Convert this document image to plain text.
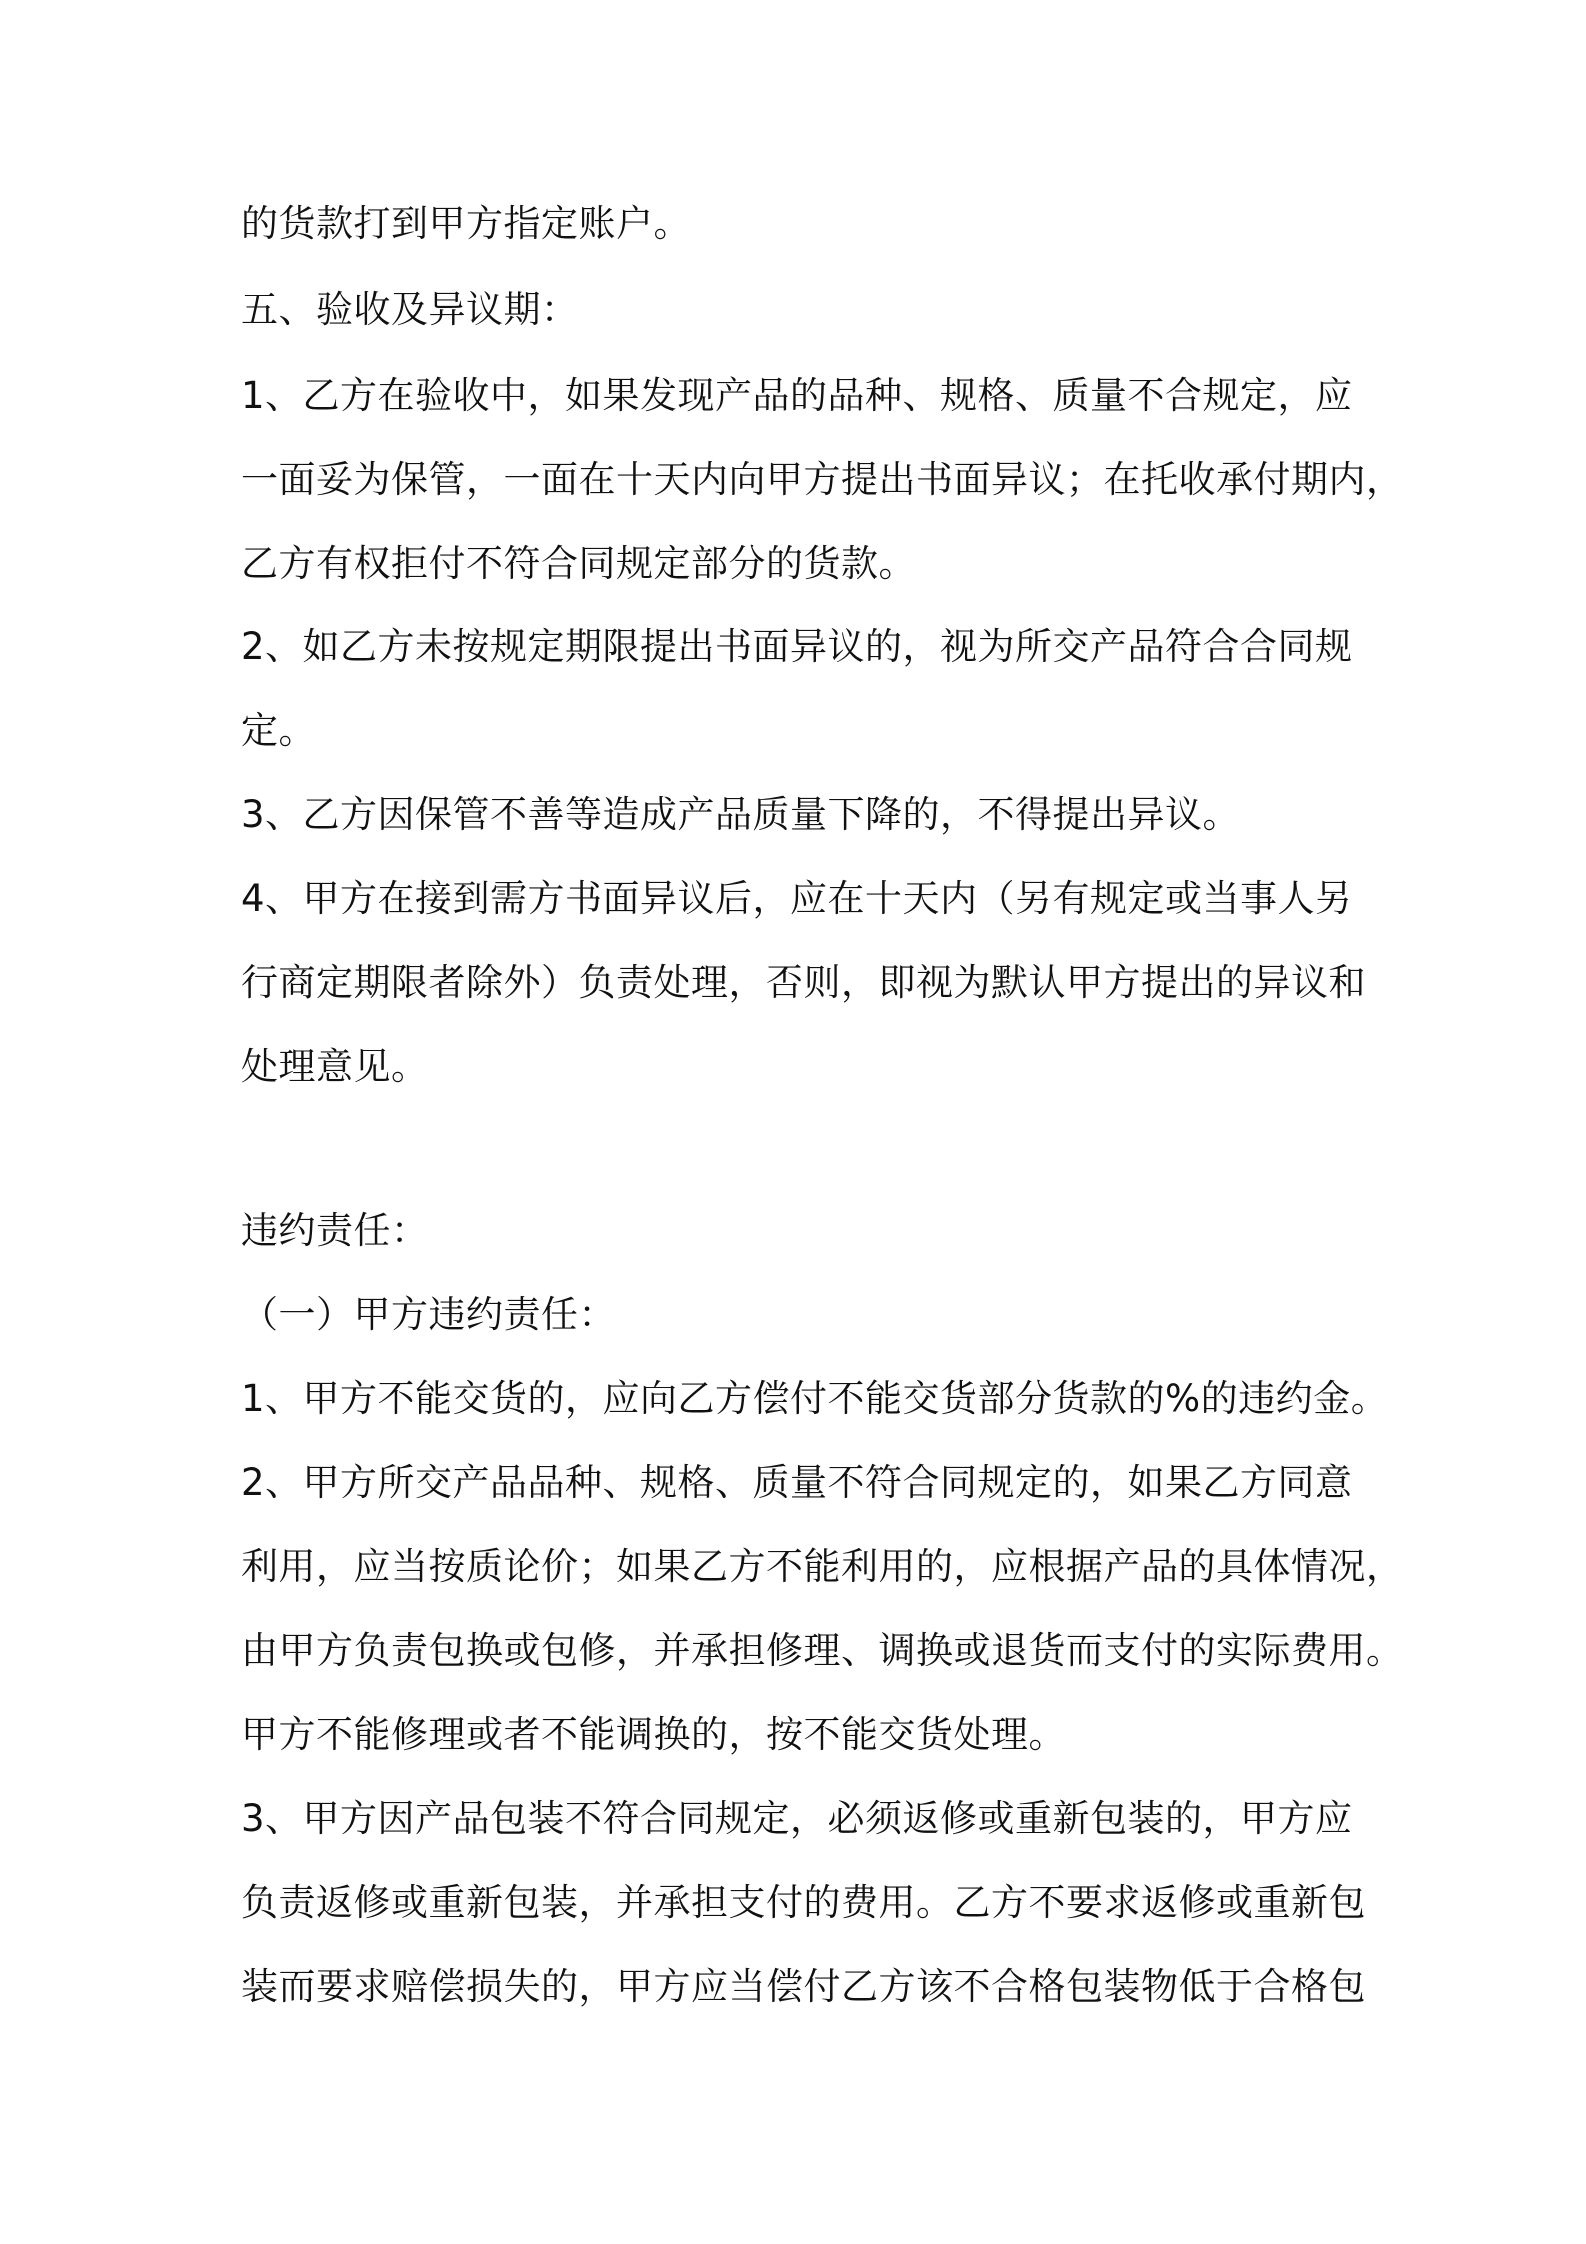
的货款打到甲方指定账户。
五、验收及异议期：
1、乙方在验收中，如果发现产品的品种、规格、质量不合规定，应
一面妥为保管，一面在十天内向甲方提出书面异议；在托收承付期内，
乙方有权拒付不符合同规定部分的货款。
2、如乙方未按规定期限提出书面异议的，视为所交产品符合合同规
定。
3、乙方因保管不善等造成产品质量下降的，不得提出异议。
4、甲方在接到需方书面异议后，应在十天内（另有规定或当事人另
行商定期限者除外）负责处理，否则，即视为默认甲方提出的异议和
处理意见。
违约责任：
（一）甲方违约责任：
1、甲方不能交货的，应向乙方偿付不能交货部分货款的%的违约金。
2、甲方所交产品品种、规格、质量不符合同规定的，如果乙方同意
利用，应当按质论价；如果乙方不能利用的，应根据产品的具体情况，
由甲方负责包换或包修，并承担修理、调换或退货而支付的实际费用。
甲方不能修理或者不能调换的，按不能交货处理。
3、甲方因产品包装不符合同规定，必须返修或重新包装的，甲方应
负责返修或重新包装，并承担支付的费用。乙方不要求返修或重新包
装而要求赔偿损失的，甲方应当偿付乙方该不合格包装物低于合格包
